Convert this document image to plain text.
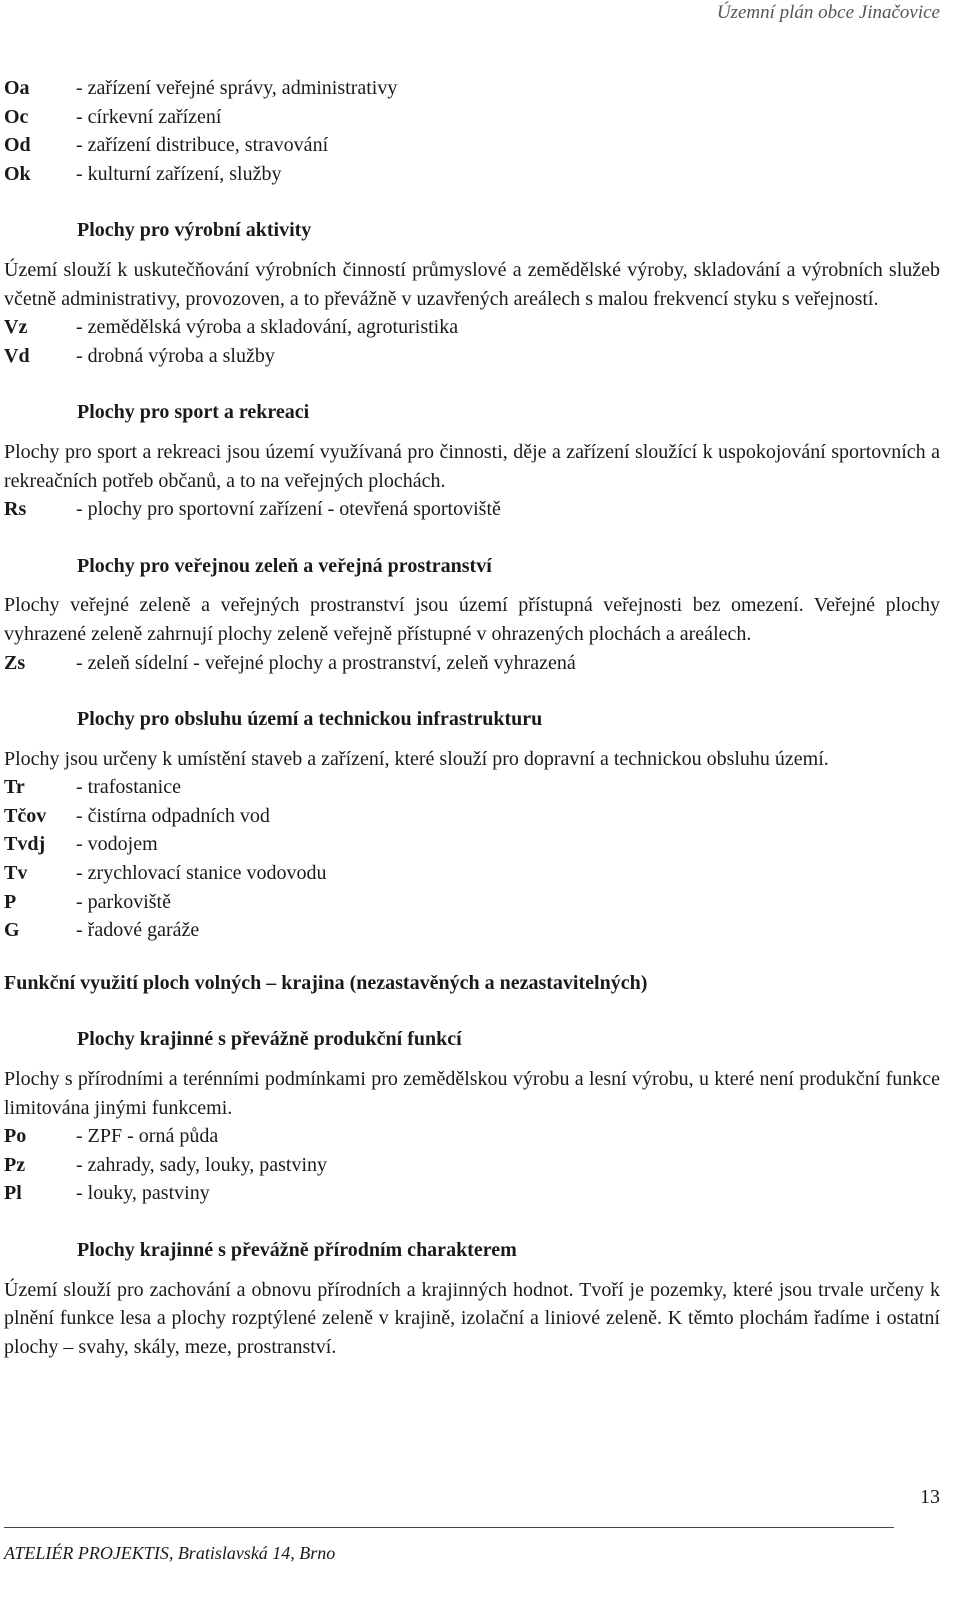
Územní plán obce Jinačovice
Oa	- zařízení veřejné správy, administrativy
Oc	- církevní zařízení
Od	- zařízení distribuce, stravování
Ok	- kulturní zařízení, služby
Plochy pro výrobní aktivity
Území slouží k uskutečňování výrobních činností průmyslové a zemědělské výroby, skladování a výrobních služeb včetně administrativy, provozoven, a to převážně v uzavřených areálech s malou frekvencí styku s veřejností.
Vz	- zemědělská výroba a skladování, agroturistika
Vd	- drobná výroba a služby
Plochy pro sport a rekreaci
Plochy pro sport a rekreaci jsou území využívaná pro činnosti, děje a zařízení sloužící k uspokojování sportovních a rekreačních potřeb občanů, a to na veřejných plochách.
Rs	- plochy pro sportovní zařízení - otevřená sportoviště
Plochy pro veřejnou zeleň a veřejná prostranství
Plochy veřejné zeleně a veřejných prostranství jsou území přístupná veřejnosti bez omezení. Veřejné plochy vyhrazené zeleně zahrnují plochy zeleně veřejně přístupné v ohrazených plochách a areálech.
Zs	- zeleň sídelní - veřejné plochy a prostranství, zeleň vyhrazená
Plochy pro obsluhu území a technickou infrastrukturu
Plochy jsou určeny k umístění staveb a zařízení, které slouží pro dopravní a technickou obsluhu území.
Tr	- trafostanice
Tčov	- čistírna odpadních vod
Tvdj	- vodojem
Tv	- zrychlovací stanice vodovodu
P	- parkoviště
G	- řadové garáže
Funkční využití ploch volných – krajina (nezastavěných a nezastavitelných)
Plochy krajinné s převážně produkční funkcí
Plochy s přírodními a terénními podmínkami pro zemědělskou výrobu a lesní výrobu, u které není produkční funkce limitována jinými funkcemi.
Po	- ZPF - orná půda
Pz	- zahrady, sady, louky, pastviny
Pl	- louky, pastviny
Plochy krajinné s převážně přírodním charakterem
Území slouží pro zachování a obnovu přírodních a krajinných hodnot. Tvoří je pozemky, které jsou trvale určeny k plnění funkce lesa a plochy rozptýlené zeleně v krajině, izolační a liniové zeleně. K těmto plochám řadíme i ostatní plochy – svahy, skály, meze, prostranství.
13
ATELIÉR PROJEKTIS, Bratislavská 14, Brno
